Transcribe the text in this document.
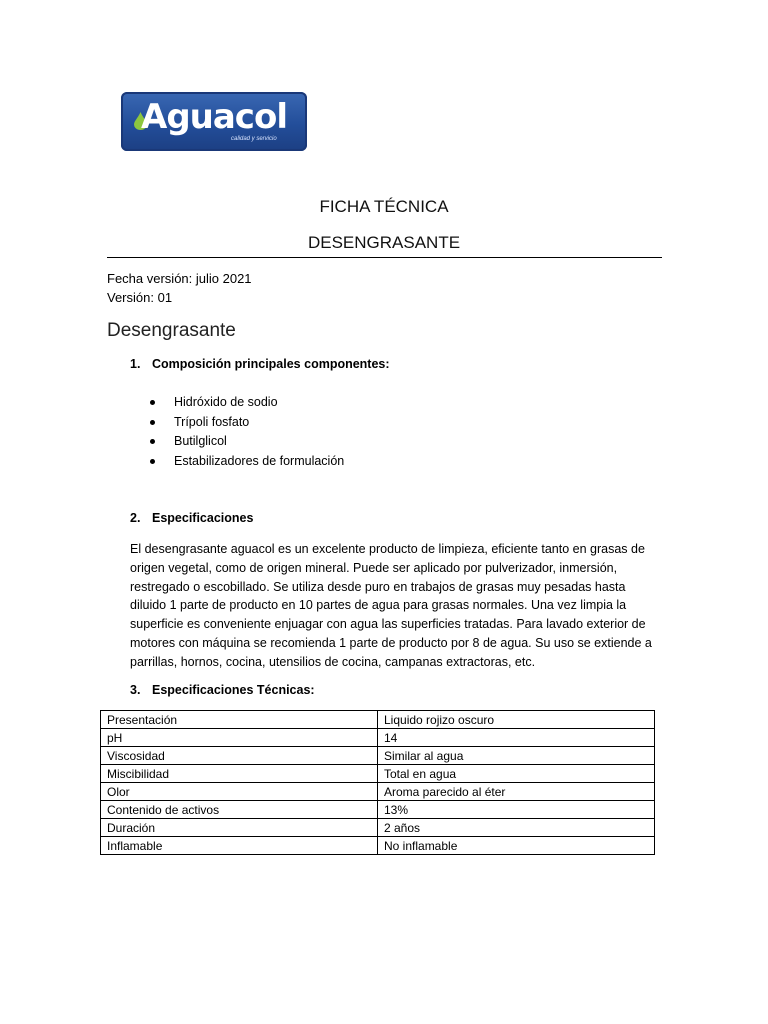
Aguacol
calidad y servicio
FICHA TÉCNICA
DESENGRASANTE
Fecha versión: julio 2021
Versión: 01
Desengrasante
1. Composición principales componentes:
Hidróxido de sodio
Trípoli fosfato
Butilglicol
Estabilizadores de formulación
2. Especificaciones
El desengrasante aguacol es un excelente producto de limpieza, eficiente tanto en grasas de
origen vegetal, como de origen mineral. Puede ser aplicado por pulverizador, inmersión,
restregado o escobillado. Se utiliza desde puro en trabajos de grasas muy pesadas hasta
diluido 1 parte de producto en 10 partes de agua para grasas normales. Una vez limpia la
superficie es conveniente enjuagar con agua las superficies tratadas. Para lavado exterior de
motores con máquina se recomienda 1 parte de producto por 8 de agua. Su uso se extiende a
parrillas, hornos, cocina, utensilios de cocina, campanas extractoras, etc.
3. Especificaciones Técnicas:
Presentación	Liquido rojizo oscuro
pH	14
Viscosidad	Similar al agua
Miscibilidad	Total en agua
Olor	Aroma parecido al éter
Contenido de activos	13%
Duración	2 años
Inflamable	No inflamable
